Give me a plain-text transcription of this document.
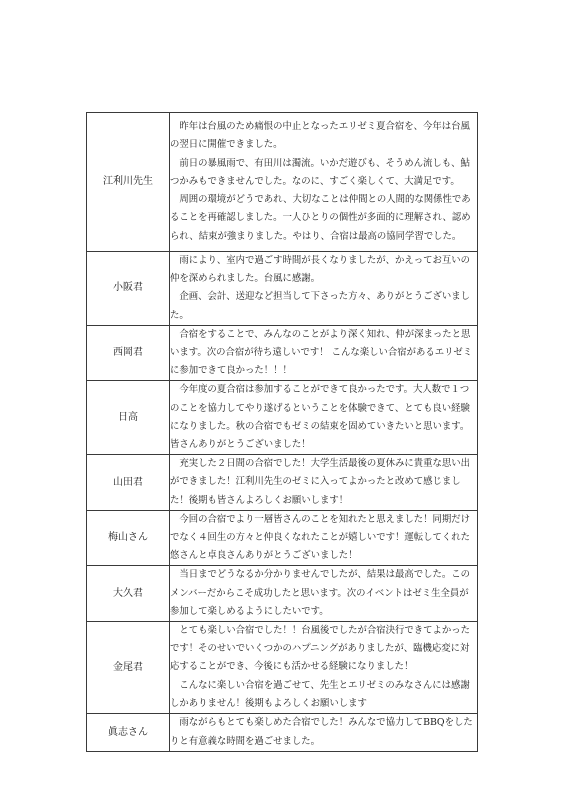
江利川先生	昨年は台風のため痛恨の中止となったエリゼミ夏合宿を、今年は台風の翌日に開催できました。

前日の暴風雨で、有田川は濁流。いかだ遊びも、そうめん流しも、鮎つかみもできませんでした。なのに、すごく楽しくて、大満足です。

周囲の環境がどうであれ、大切なことは仲間との人間的な関係性であることを再確認しました。一人ひとりの個性が多面的に理解され、認められ、結束が強まりました。やはり、合宿は最高の協同学習でした。

小阪君	雨により、室内で過ごす時間が長くなりましたが、かえってお互いの仲を深められました。台風に感謝。

企画、会計、送迎など担当して下さった方々、ありがとうございました。

西岡君	合宿をすることで、みんなのことがより深く知れ、仲が深まったと思います。次の合宿が待ち遠しいです！ こんな楽しい合宿があるエリゼミに参加できて良かった！！！

日高	今年度の夏合宿は参加することができて良かったです。大人数で１つのことを協力してやり遂げるということを体験できて、とても良い経験になりました。秋の合宿でもゼミの結束を固めていきたいと思います。皆さんありがとうございました！

山田君	充実した２日間の合宿でした！大学生活最後の夏休みに貴重な思い出ができました！江利川先生のゼミに入ってよかったと改めて感じました！後期も皆さんよろしくお願いします！

梅山さん	今回の合宿でより一層皆さんのことを知れたと思えました！同期だけでなく４回生の方々と仲良くなれたことが嬉しいです！運転してくれた悠さんと卓良さんありがとうございました！

大久君	当日までどうなるか分かりませんでしたが、結果は最高でした。このメンバーだからこそ成功したと思います。次のイベントはゼミ生全員が参加して楽しめるようにしたいです。

金尾君	とても楽しい合宿でした！！台風後でしたが合宿決行できてよかったです！そのせいでいくつかのハプニングがありましたが、臨機応変に対応することができ、今後にも活かせる経験になりました！

こんなに楽しい合宿を過ごせて、先生とエリゼミのみなさんには感謝しかありません！後期もよろしくお願いします

眞志さん	雨ながらもとても楽しめた合宿でした！みんなで協力してBBQをしたりと有意義な時間を過ごせました。
